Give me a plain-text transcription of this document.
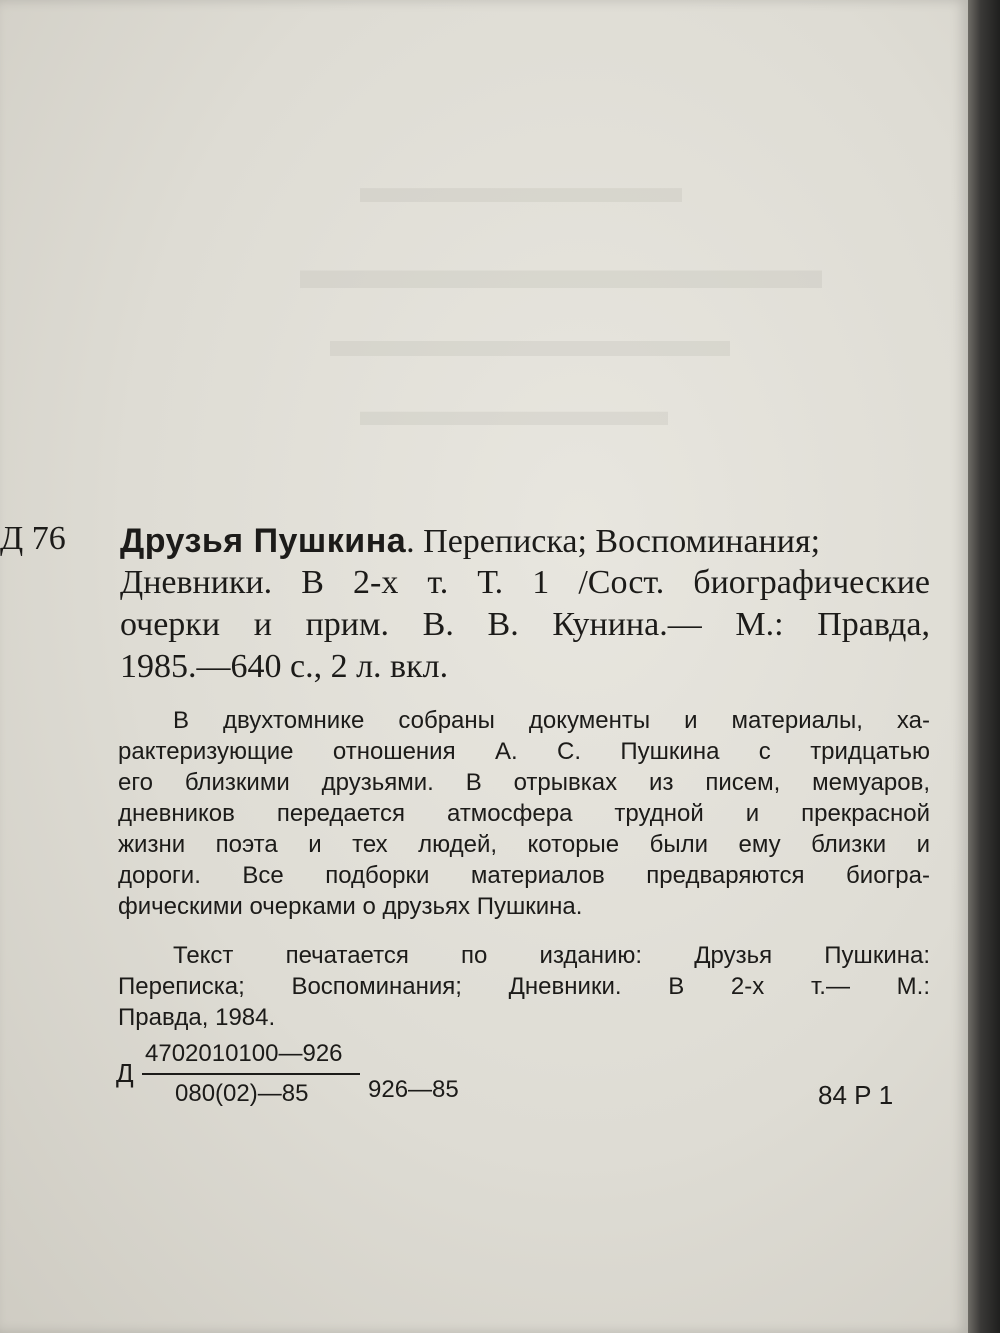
▬▬▬▬▬▬▬
▬▬▬▬▬▬▬▬▬
▬▬▬▬▬▬▬▬
▬▬▬▬▬▬▬
Д 76 Друзья Пушкина. Переписка; Воспоминания;
Дневники. В 2-х т. Т. 1 /Сост. биографические
очерки и прим. В. В. Кунина.— М.: Правда,
1985.—640 с., 2 л. вкл.
В двухтомнике собраны документы и материалы, ха-
рактеризующие отношения А. С. Пушкина с тридцатью
его близкими друзьями. В отрывках из писем, мемуаров,
дневников передается атмосфера трудной и прекрасной
жизни поэта и тех людей, которые были ему близки и
дороги. Все подборки материалов предваряются биогра-
фическими очерками о друзьях Пушкина.
Текст печатается по изданию: Друзья Пушкина:
Переписка; Воспоминания; Дневники. В 2-х т.— М.:
Правда, 1984.
Д
4702010100—926
080(02)—85 926—85	84 Р 1
